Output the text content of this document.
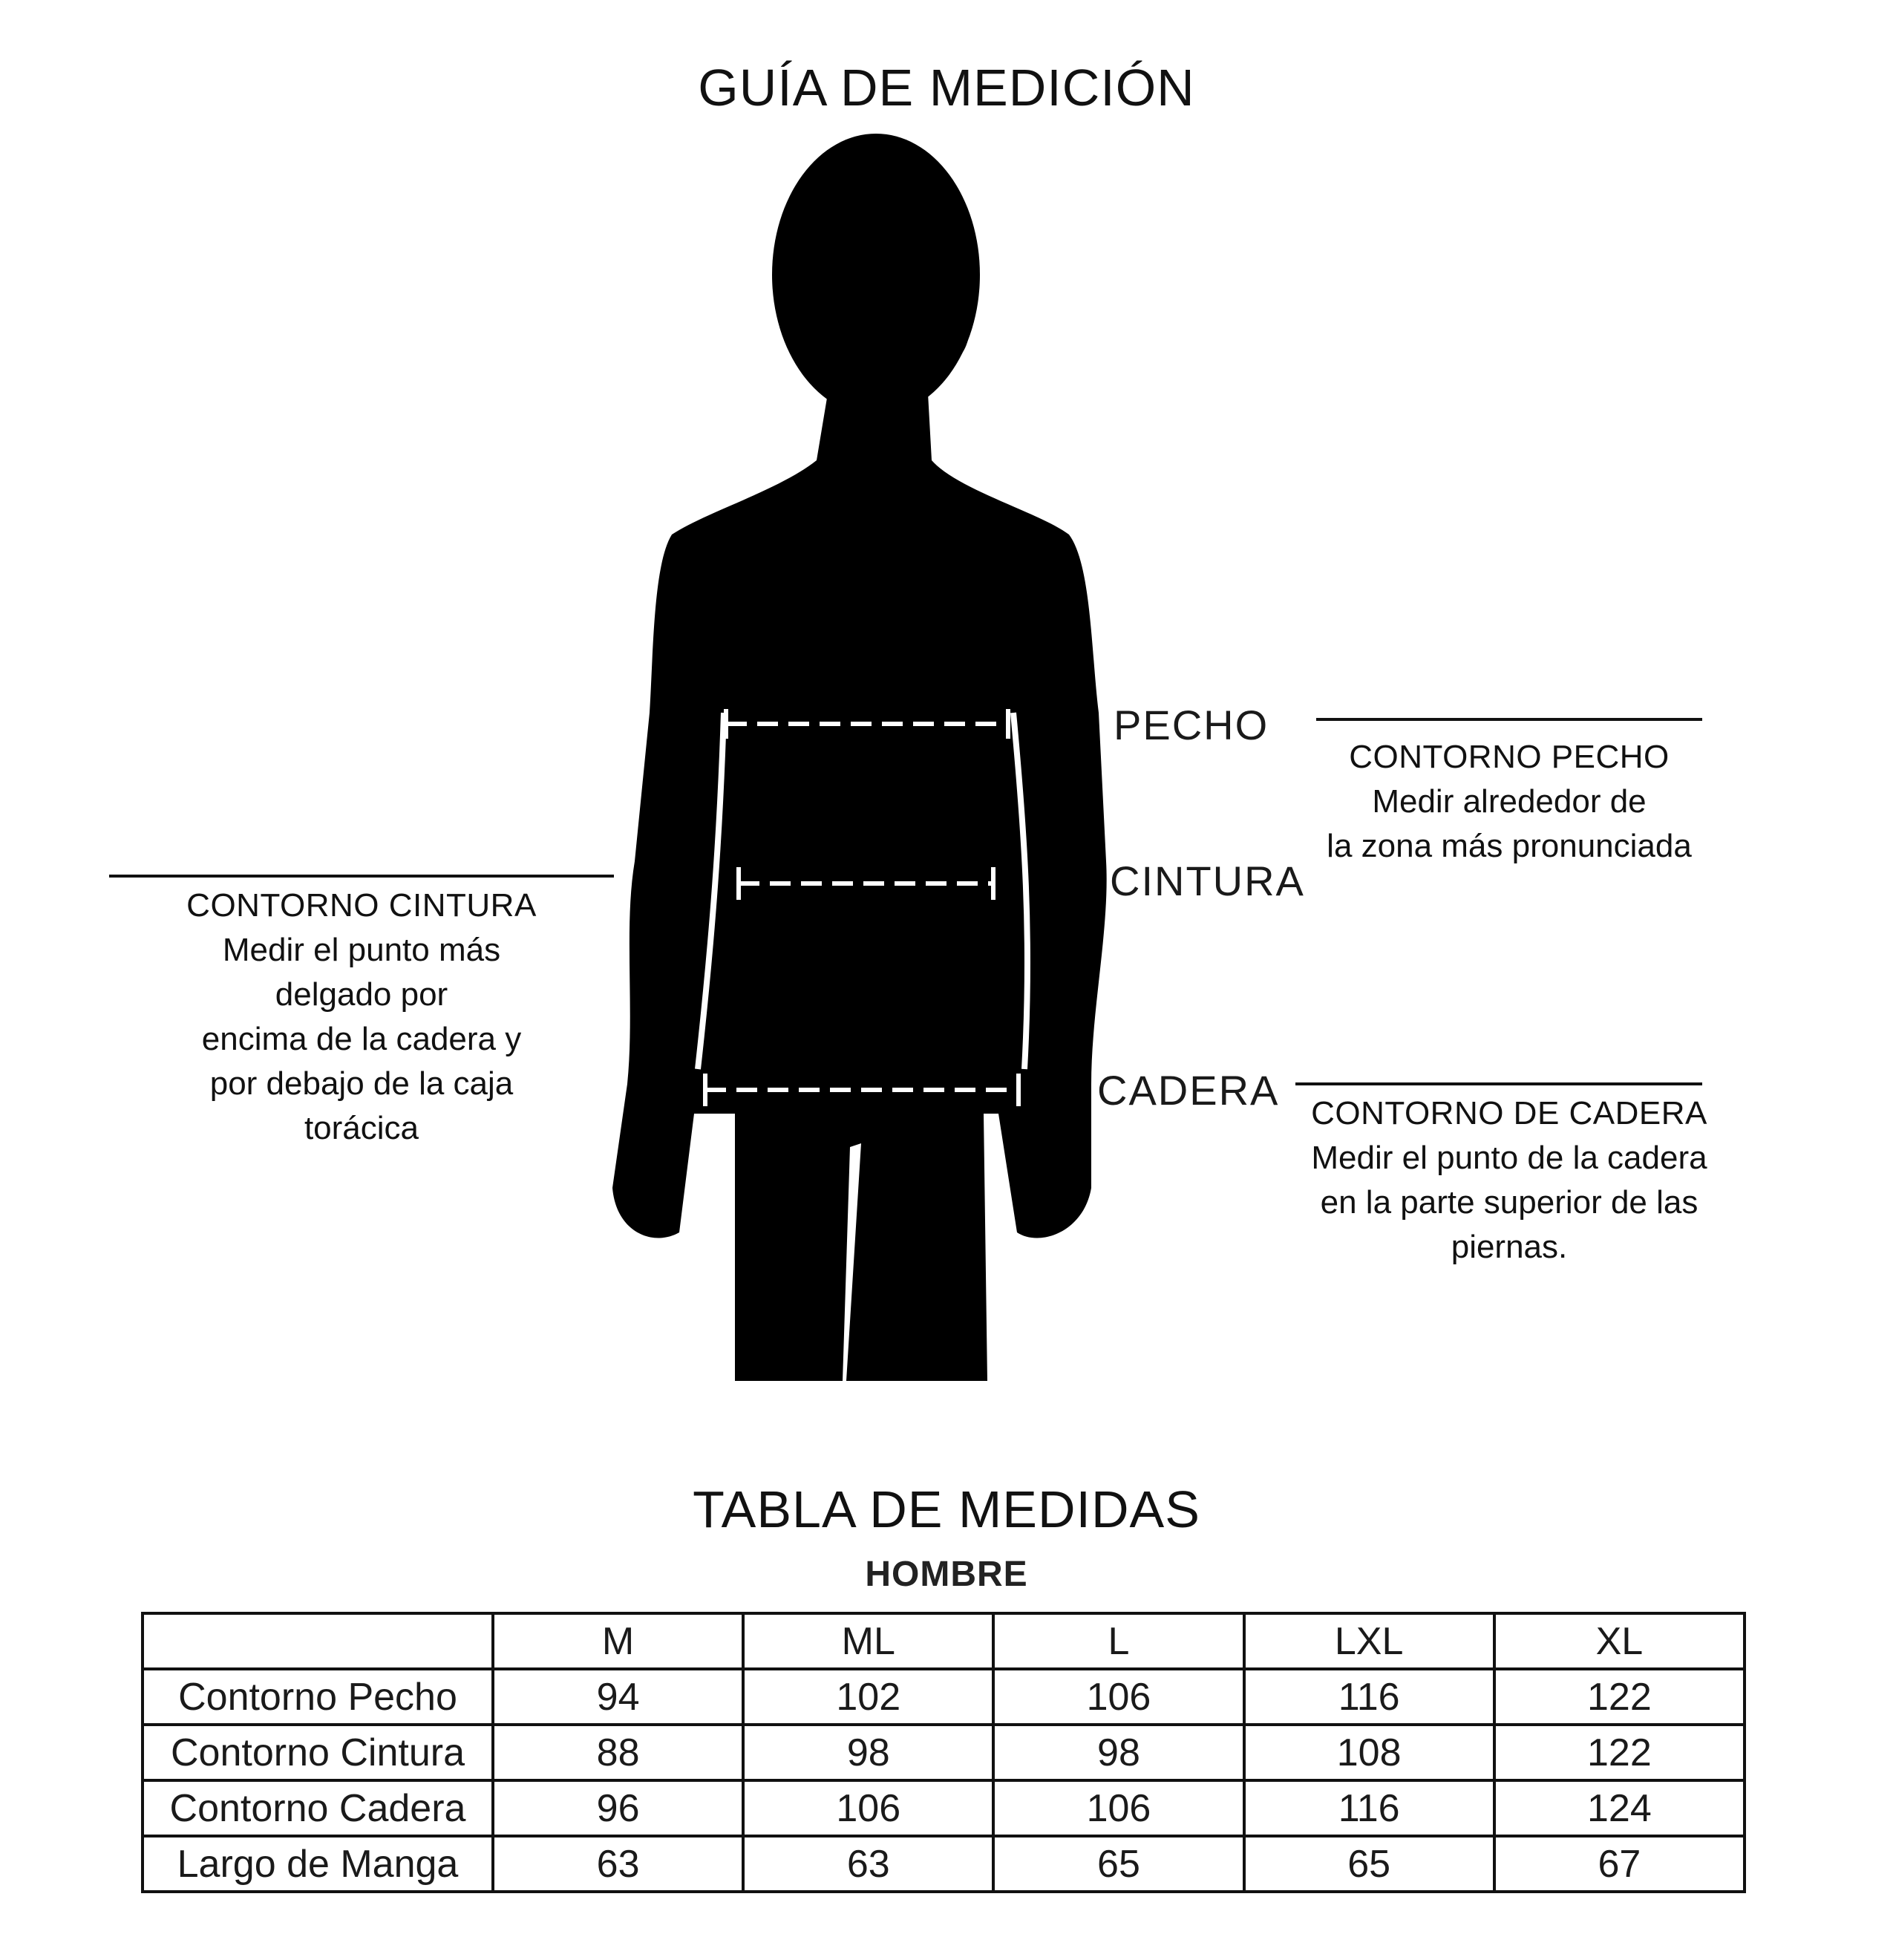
GUÍA DE MEDICIÓN
PECHO
CINTURA
CADERA
CONTORNO CINTURA
Medir el punto más
delgado por
encima de la cadera y
por debajo de la caja
torácica
CONTORNO PECHO
Medir alrededor de
la zona más pronunciada
CONTORNO DE CADERA
Medir el punto de la cadera
en la parte superior de las
piernas.
TABLA DE MEDIDAS
HOMBRE
	M	ML	L	LXL	XL
Contorno Pecho	94	102	106	116	122
Contorno Cintura	88	98	98	108	122
Contorno Cadera	96	106	106	116	124
Largo de Manga	63	63	65	65	67
